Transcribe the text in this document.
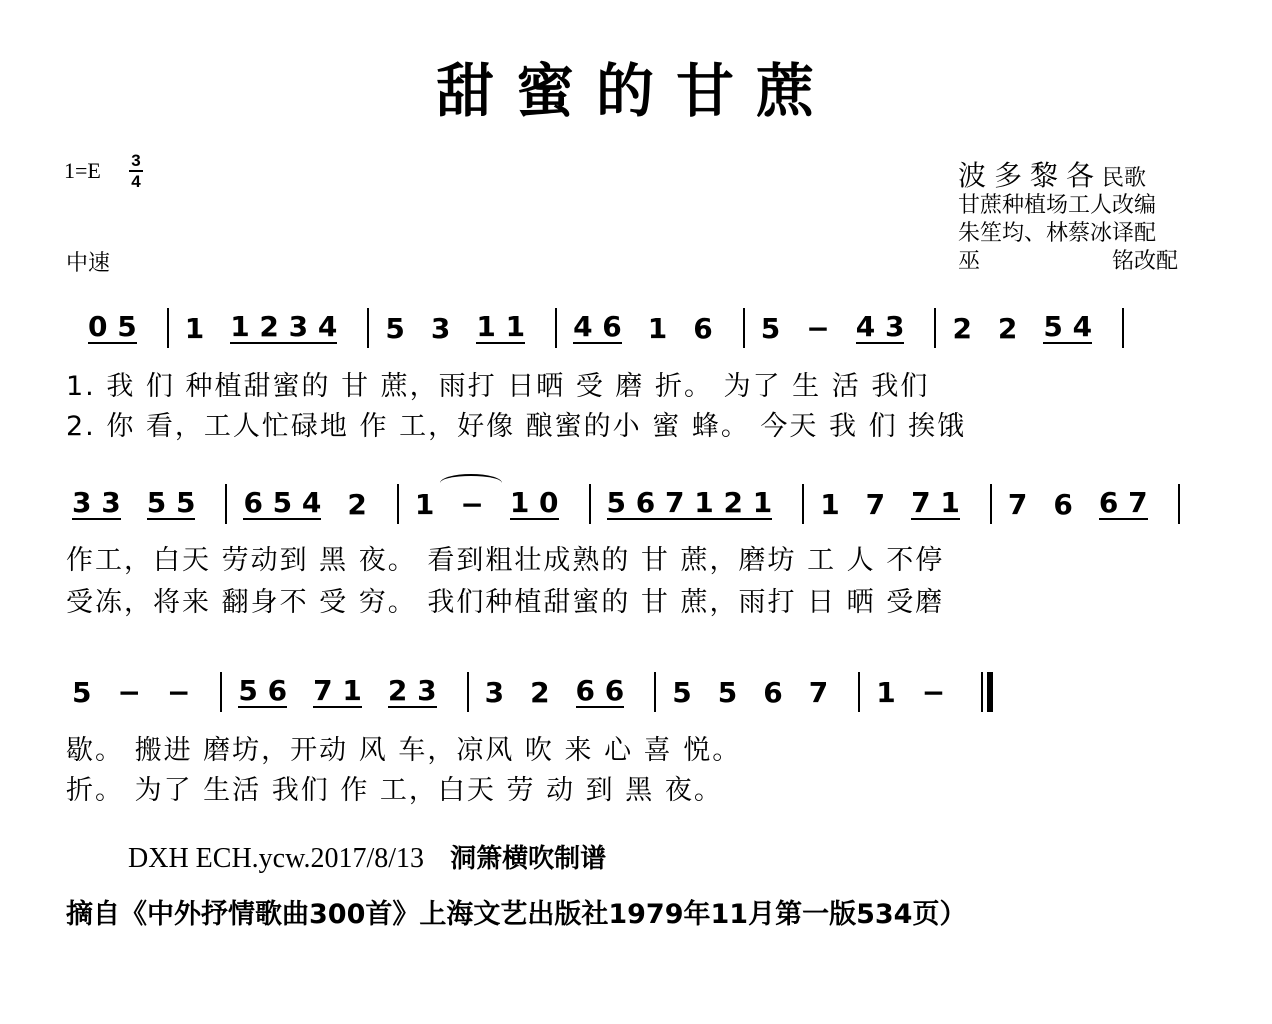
甜蜜的甘蔗
1=E 3
4
中速
波多黎各民歌
甘蔗种植场工人改编
朱笙均、林蔡冰译配
巫	铭改配
0 5 1 1 2 3 4 5 3 1 1 4 6 1 6 5 − 4 3 2 2 5 4
1. 我 们 种植甜蜜的 甘 蔗，雨打 日晒 受 磨 折。 为了 生 活 我们
2. 你 看，工人忙碌地 作 工，好像 酿蜜的小 蜜 蜂。 今天 我 们 挨饿
3 3 5 5 6 5 4 2 1 − 1 0 5 6 7 1 2 1 1 7 7 1 7 6 6 7
作工，白天 劳动到 黑 夜。 看到粗壮成熟的 甘 蔗，磨坊 工 人 不停
受冻，将来 翻身不 受 穷。 我们种植甜蜜的 甘 蔗，雨打 日 晒 受磨
5 − − 5 6 7 1 2 3 3 2 6 6 5 5 6 7 1 −
歇。 搬进 磨坊，开动 风 车，凉风 吹 来 心 喜 悦。
折。 为了 生活 我们 作 工，白天 劳 动 到 黑 夜。
DXH ECH.ycw.2017/8/13 洞箫横吹制谱
摘自《中外抒情歌曲300首》上海文艺出版社1979年11月第一版534页）
